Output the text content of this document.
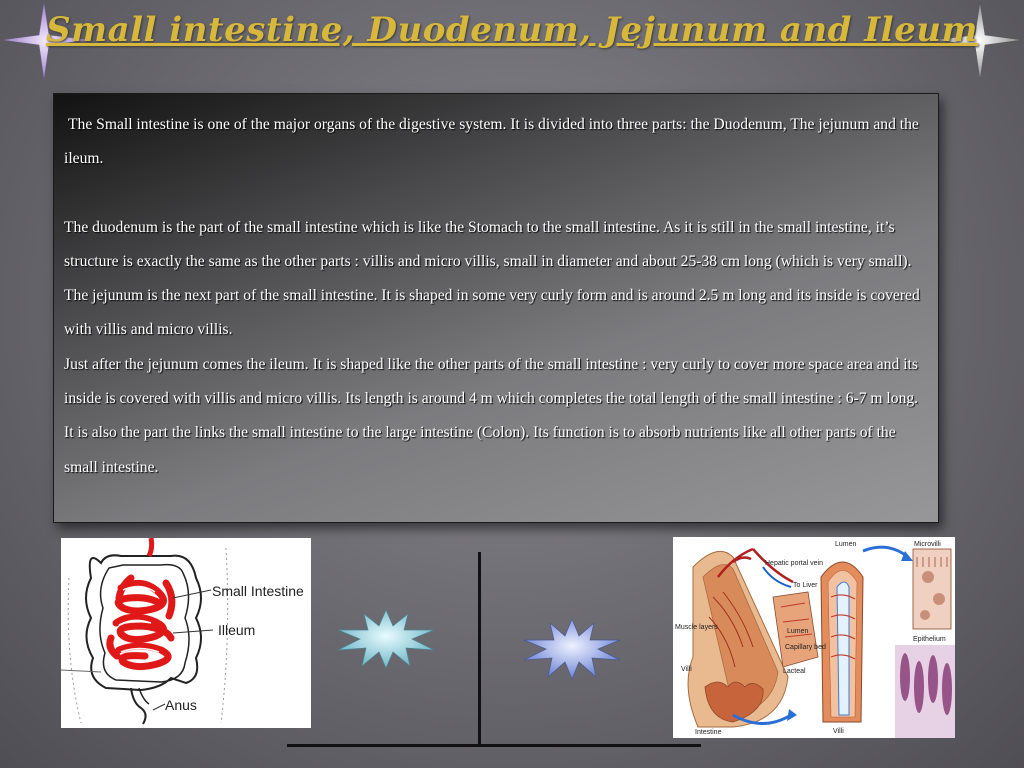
Small intestine, Duodenum, Jejunum and Ileum

The Small intestine is one of the major organs of the digestive system. It is divided into three parts: the Duodenum, The jejunum and the ileum.

The duodenum is the part of the small intestine which is like the Stomach to the small intestine. As it is still in the small intestine, it’s structure is exactly the same as the other parts : villis and micro villis, small in diameter and about 25-38 cm long (which is very small).

The jejunum is the next part of the small intestine. It is shaped in some very curly form and is around 2.5 m long and its inside is covered with villis and micro villis.

Just after the jejunum comes the ileum. It is shaped like the other parts of the small intestine : very curly to cover more space area and its inside is covered with villis and micro villis. Its length is around 4 m which completes the total length of the small intestine : 6-7 m long. It is also the part the links the small intestine to the large intestine (Colon). Its function is to absorb nutrients like all other parts of the small intestine.

Small Intestine
Illeum
Anus
Lumen	Microvilli
Hepatic portal vein
To Liver
Muscle layers
Lumen
Capillary bed
Lacteal
Epithelium
Villi
Villi
Intestine
